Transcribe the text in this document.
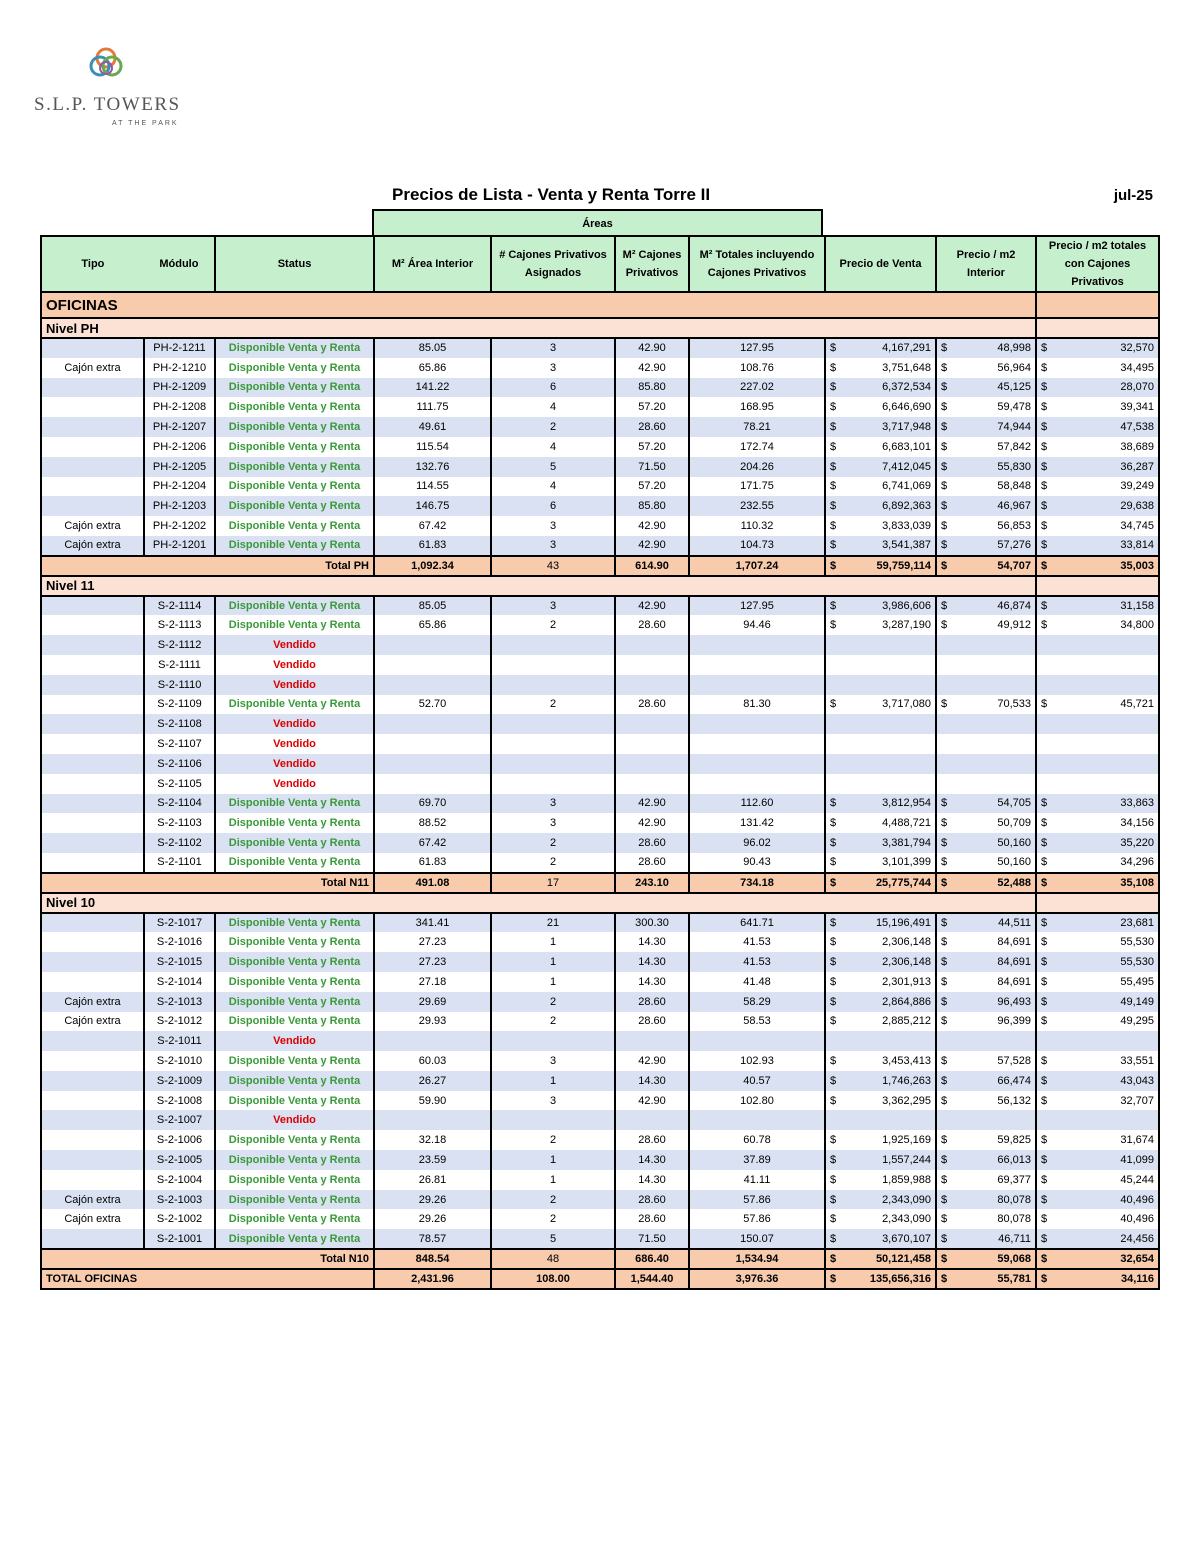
S.L.P. TOWERS
AT THE PARK
Precios de Lista - Venta y Renta Torre II	jul-25
Áreas
Tipo Módulo		Status	M² Área Interior	# Cajones Privativos Asignados	M² Cajones Privativos	M² Totales incluyendo Cajones Privativos	Precio de Venta	Precio / m2 Interior	Precio / m2 totales con Cajones Privativos
OFICINAS									
Nivel PH									
	PH-2-1211	Disponible Venta y Renta	85.05	3	42.90	127.95	$ 4,167,291	$ 48,998	$ 32,570

Cajón extra	PH-2-1210	Disponible Venta y Renta	65.86	3	42.90	108.76	$ 3,751,648	$ 56,964	$ 34,495

	PH-2-1209	Disponible Venta y Renta	141.22	6	85.80	227.02	$ 6,372,534	$ 45,125	$ 28,070

	PH-2-1208	Disponible Venta y Renta	111.75	4	57.20	168.95	$ 6,646,690	$ 59,478	$ 39,341

	PH-2-1207	Disponible Venta y Renta	49.61	2	28.60	78.21	$ 3,717,948	$ 74,944	$ 47,538

	PH-2-1206	Disponible Venta y Renta	115.54	4	57.20	172.74	$ 6,683,101	$ 57,842	$ 38,689

	PH-2-1205	Disponible Venta y Renta	132.76	5	71.50	204.26	$ 7,412,045	$ 55,830	$ 36,287

	PH-2-1204	Disponible Venta y Renta	114.55	4	57.20	171.75	$ 6,741,069	$ 58,848	$ 39,249

	PH-2-1203	Disponible Venta y Renta	146.75	6	85.80	232.55	$ 6,892,363	$ 46,967	$ 29,638

Cajón extra	PH-2-1202	Disponible Venta y Renta	67.42	3	42.90	110.32	$ 3,833,039	$ 56,853	$ 34,745

Cajón extra	PH-2-1201	Disponible Venta y Renta	61.83	3	42.90	104.73	$ 3,541,387	$ 57,276	$ 33,814

Total PH			1,092.34	43	614.90	1,707.24	$ 59,759,114	$ 54,707	$ 35,003

Nivel 11									
	S-2-1114	Disponible Venta y Renta	85.05	3	42.90	127.95	$ 3,986,606	$ 46,874	$ 31,158

	S-2-1113	Disponible Venta y Renta	65.86	2	28.60	94.46	$ 3,287,190	$ 49,912	$ 34,800

	S-2-1112	Vendido							
	S-2-1111	Vendido							
	S-2-1110	Vendido							
	S-2-1109	Disponible Venta y Renta	52.70	2	28.60	81.30	$ 3,717,080	$ 70,533	$ 45,721

	S-2-1108	Vendido							
	S-2-1107	Vendido							
	S-2-1106	Vendido							
	S-2-1105	Vendido							
	S-2-1104	Disponible Venta y Renta	69.70	3	42.90	112.60	$ 3,812,954	$ 54,705	$ 33,863

	S-2-1103	Disponible Venta y Renta	88.52	3	42.90	131.42	$ 4,488,721	$ 50,709	$ 34,156

	S-2-1102	Disponible Venta y Renta	67.42	2	28.60	96.02	$ 3,381,794	$ 50,160	$ 35,220

	S-2-1101	Disponible Venta y Renta	61.83	2	28.60	90.43	$ 3,101,399	$ 50,160	$ 34,296

Total N11			491.08	17	243.10	734.18	$ 25,775,744	$ 52,488	$ 35,108

Nivel 10									
	S-2-1017	Disponible Venta y Renta	341.41	21	300.30	641.71	$ 15,196,491	$ 44,511	$ 23,681

	S-2-1016	Disponible Venta y Renta	27.23	1	14.30	41.53	$ 2,306,148	$ 84,691	$ 55,530

	S-2-1015	Disponible Venta y Renta	27.23	1	14.30	41.53	$ 2,306,148	$ 84,691	$ 55,530

	S-2-1014	Disponible Venta y Renta	27.18	1	14.30	41.48	$ 2,301,913	$ 84,691	$ 55,495

Cajón extra	S-2-1013	Disponible Venta y Renta	29.69	2	28.60	58.29	$ 2,864,886	$ 96,493	$ 49,149

Cajón extra	S-2-1012	Disponible Venta y Renta	29.93	2	28.60	58.53	$ 2,885,212	$ 96,399	$ 49,295

	S-2-1011	Vendido							
	S-2-1010	Disponible Venta y Renta	60.03	3	42.90	102.93	$ 3,453,413	$ 57,528	$ 33,551

	S-2-1009	Disponible Venta y Renta	26.27	1	14.30	40.57	$ 1,746,263	$ 66,474	$ 43,043

	S-2-1008	Disponible Venta y Renta	59.90	3	42.90	102.80	$ 3,362,295	$ 56,132	$ 32,707

	S-2-1007	Vendido							
	S-2-1006	Disponible Venta y Renta	32.18	2	28.60	60.78	$ 1,925,169	$ 59,825	$ 31,674

	S-2-1005	Disponible Venta y Renta	23.59	1	14.30	37.89	$ 1,557,244	$ 66,013	$ 41,099

	S-2-1004	Disponible Venta y Renta	26.81	1	14.30	41.11	$ 1,859,988	$ 69,377	$ 45,244

Cajón extra	S-2-1003	Disponible Venta y Renta	29.26	2	28.60	57.86	$ 2,343,090	$ 80,078	$ 40,496

Cajón extra	S-2-1002	Disponible Venta y Renta	29.26	2	28.60	57.86	$ 2,343,090	$ 80,078	$ 40,496

	S-2-1001	Disponible Venta y Renta	78.57	5	71.50	150.07	$ 3,670,107	$ 46,711	$ 24,456

Total N10			848.54	48	686.40	1,534.94	$ 50,121,458	$ 59,068	$ 32,654

TOTAL OFICINAS			2,431.96	108.00	1,544.40	3,976.36	$ 135,656,316	$ 55,781	$ 34,116
